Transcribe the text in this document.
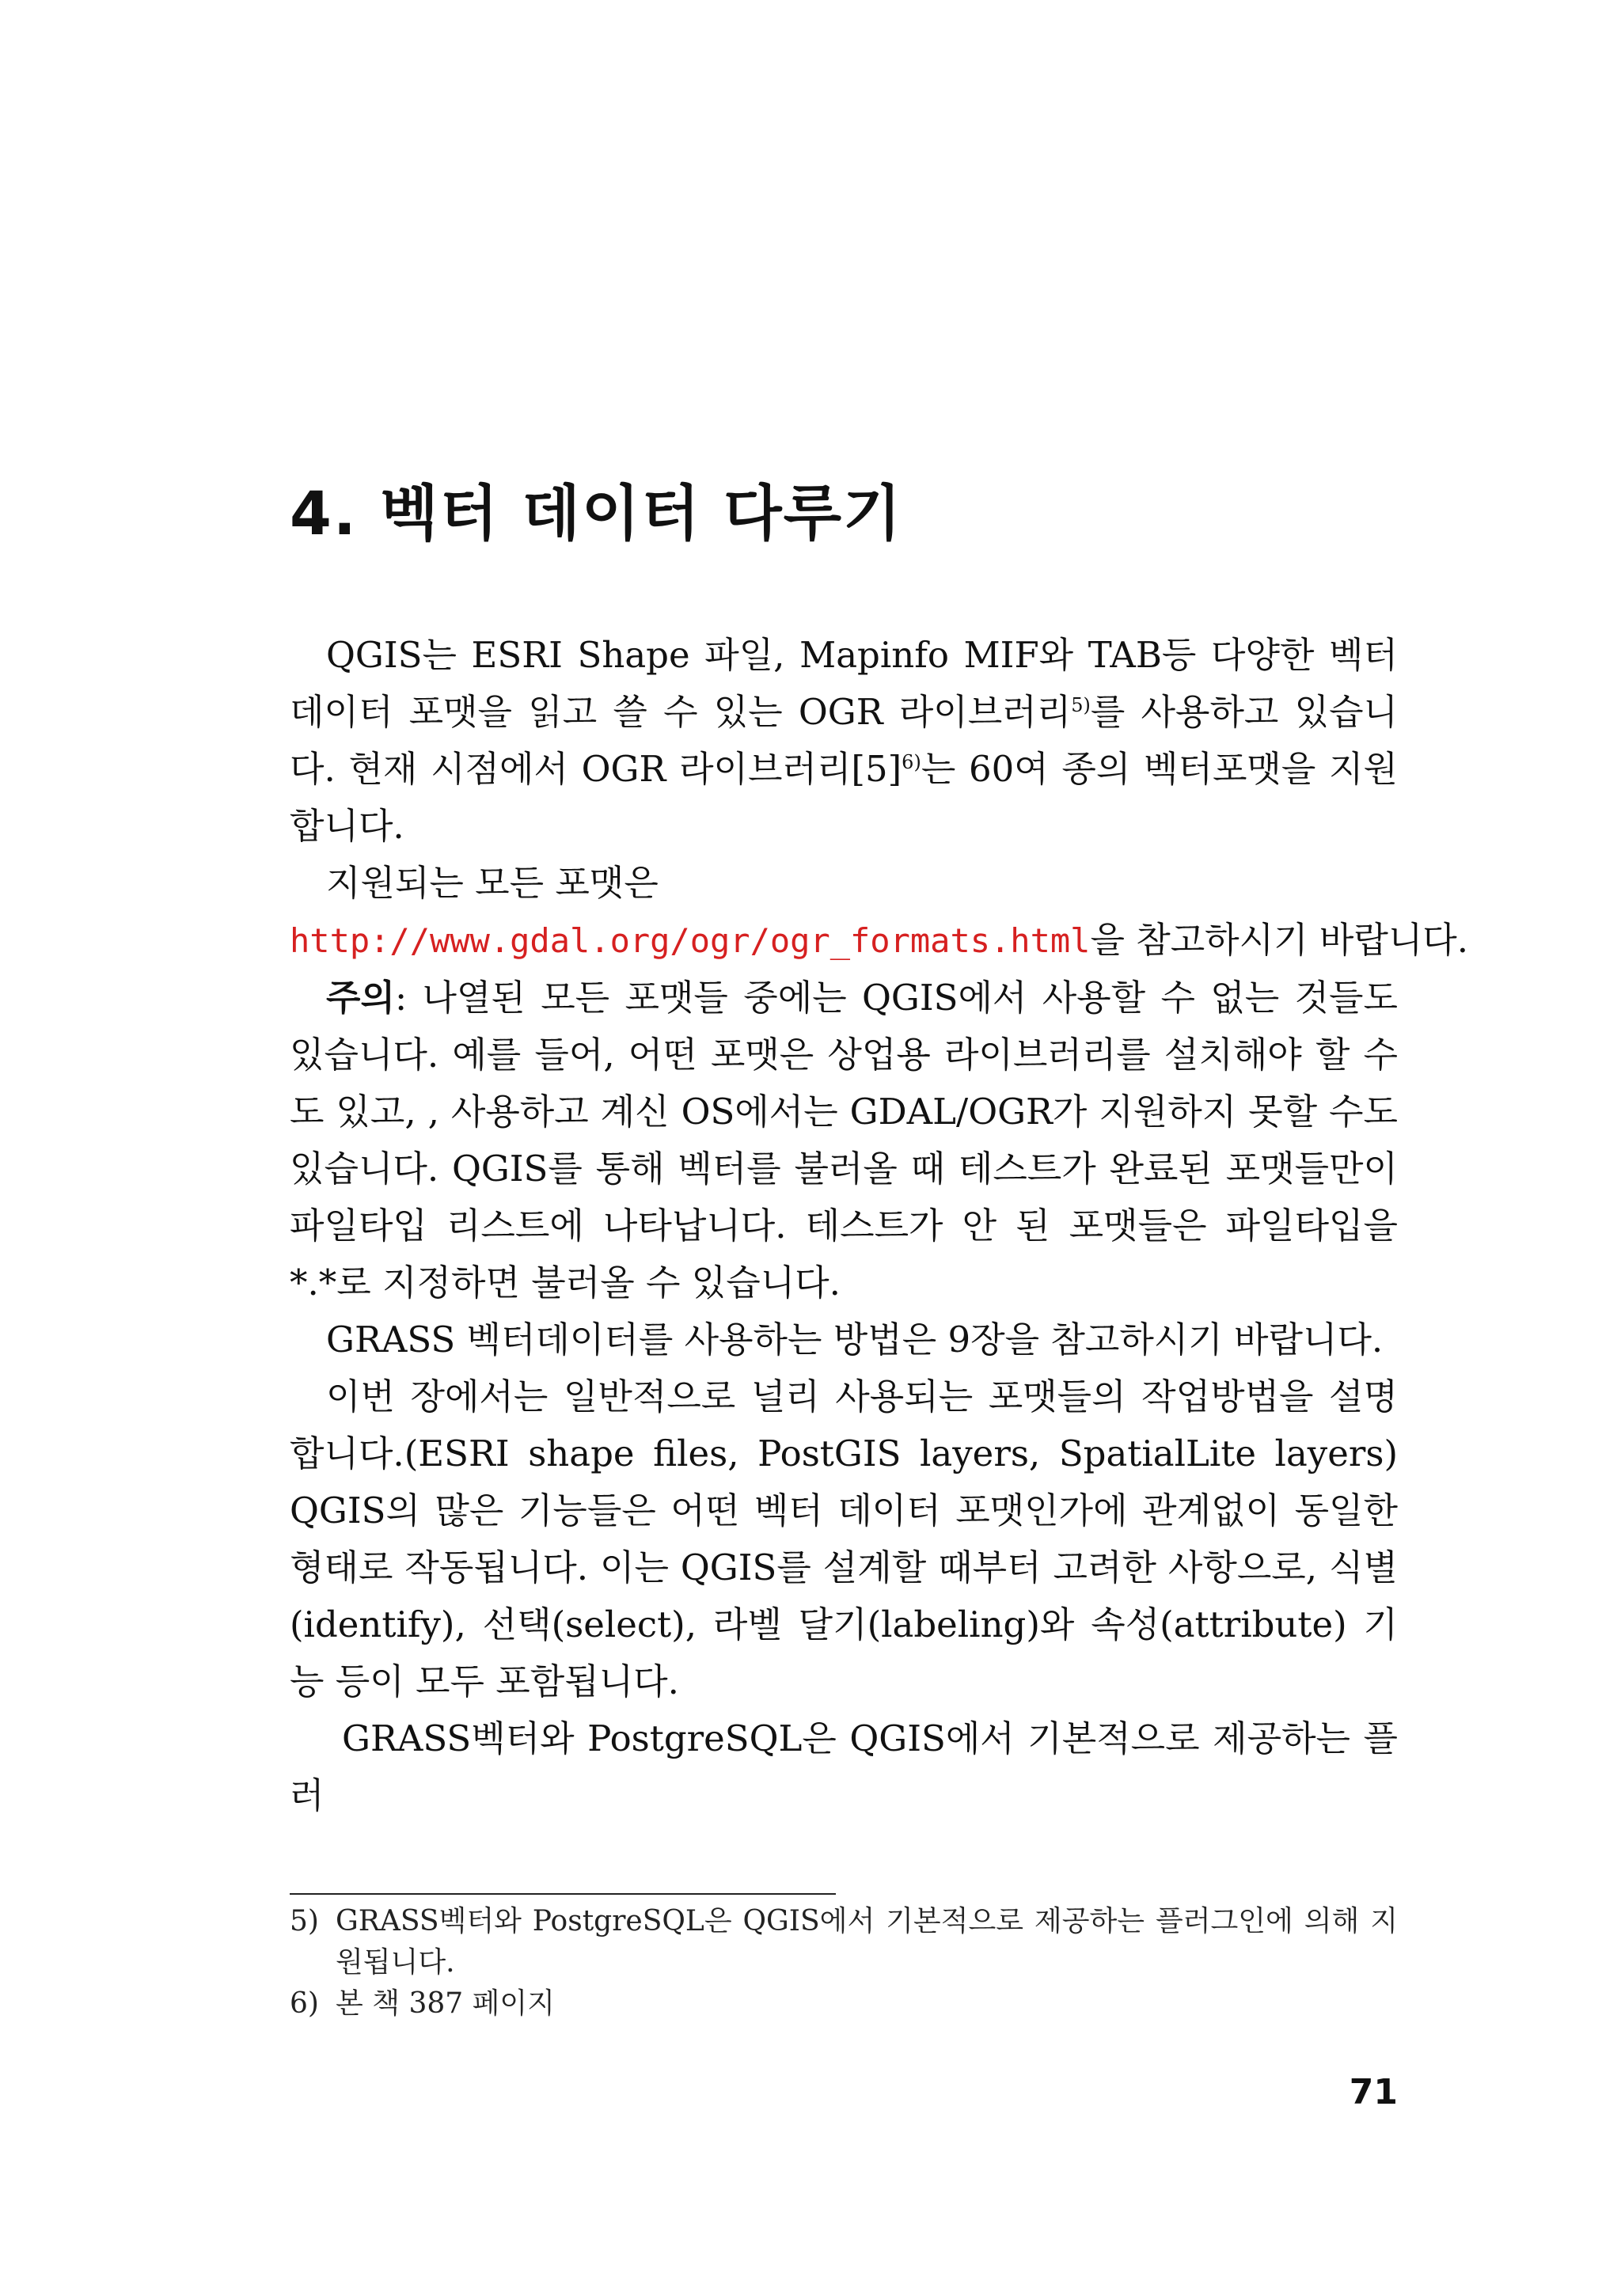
4. 벡터 데이터 다루기

QGIS는 ESRI Shape 파일, Mapinfo MIF와 TAB등 다양한 벡터 데이터 포맷을 읽고 쓸 수 있는 OGR 라이브러리$^{5)}$를 사용하고 있습니다. 현재 시점에서 OGR 라이브러리[5]$^{6)}$는 60여 종의 벡터포맷을 지원합니다.

지원되는 모든 포맷은

http://www.gdal.org/ogr/ogr_formats.html을 참고하시기 바랍니다.

주의: 나열된 모든 포맷들 중에는 QGIS에서 사용할 수 없는 것들도 있습니다. 예를 들어, 어떤 포맷은 상업용 라이브러리를 설치해야 할 수도 있고, , 사용하고 계신 OS에서는 GDAL/OGR가 지원하지 못할 수도 있습니다. QGIS를 통해 벡터를 불러올 때 테스트가 완료된 포맷들만이 파일타입 리스트에 나타납니다. 테스트가 안 된 포맷들은 파일타입을 *.*로 지정하면 불러올 수 있습니다.

GRASS 벡터데이터를 사용하는 방법은 9장을 참고하시기 바랍니다.

이번 장에서는 일반적으로 널리 사용되는 포맷들의 작업방법을 설명합니다.(ESRI shape files, PostGIS layers, SpatialLite layers) QGIS의 많은 기능들은 어떤 벡터 데이터 포맷인가에 관계없이 동일한 형태로 작동됩니다. 이는 QGIS를 설계할 때부터 고려한 사항으로, 식별(identify), 선택(select), 라벨 달기(labeling)와 속성(attribute) 기능 등이 모두 포함됩니다.

GRASS벡터와 PostgreSQL은 QGIS에서 기본적으로 제공하는 플러

5) GRASS벡터와 PostgreSQL은 QGIS에서 기본적으로 제공하는 플러그인에 의해 지원됩니다.
6) 본 책 387 페이지
71
